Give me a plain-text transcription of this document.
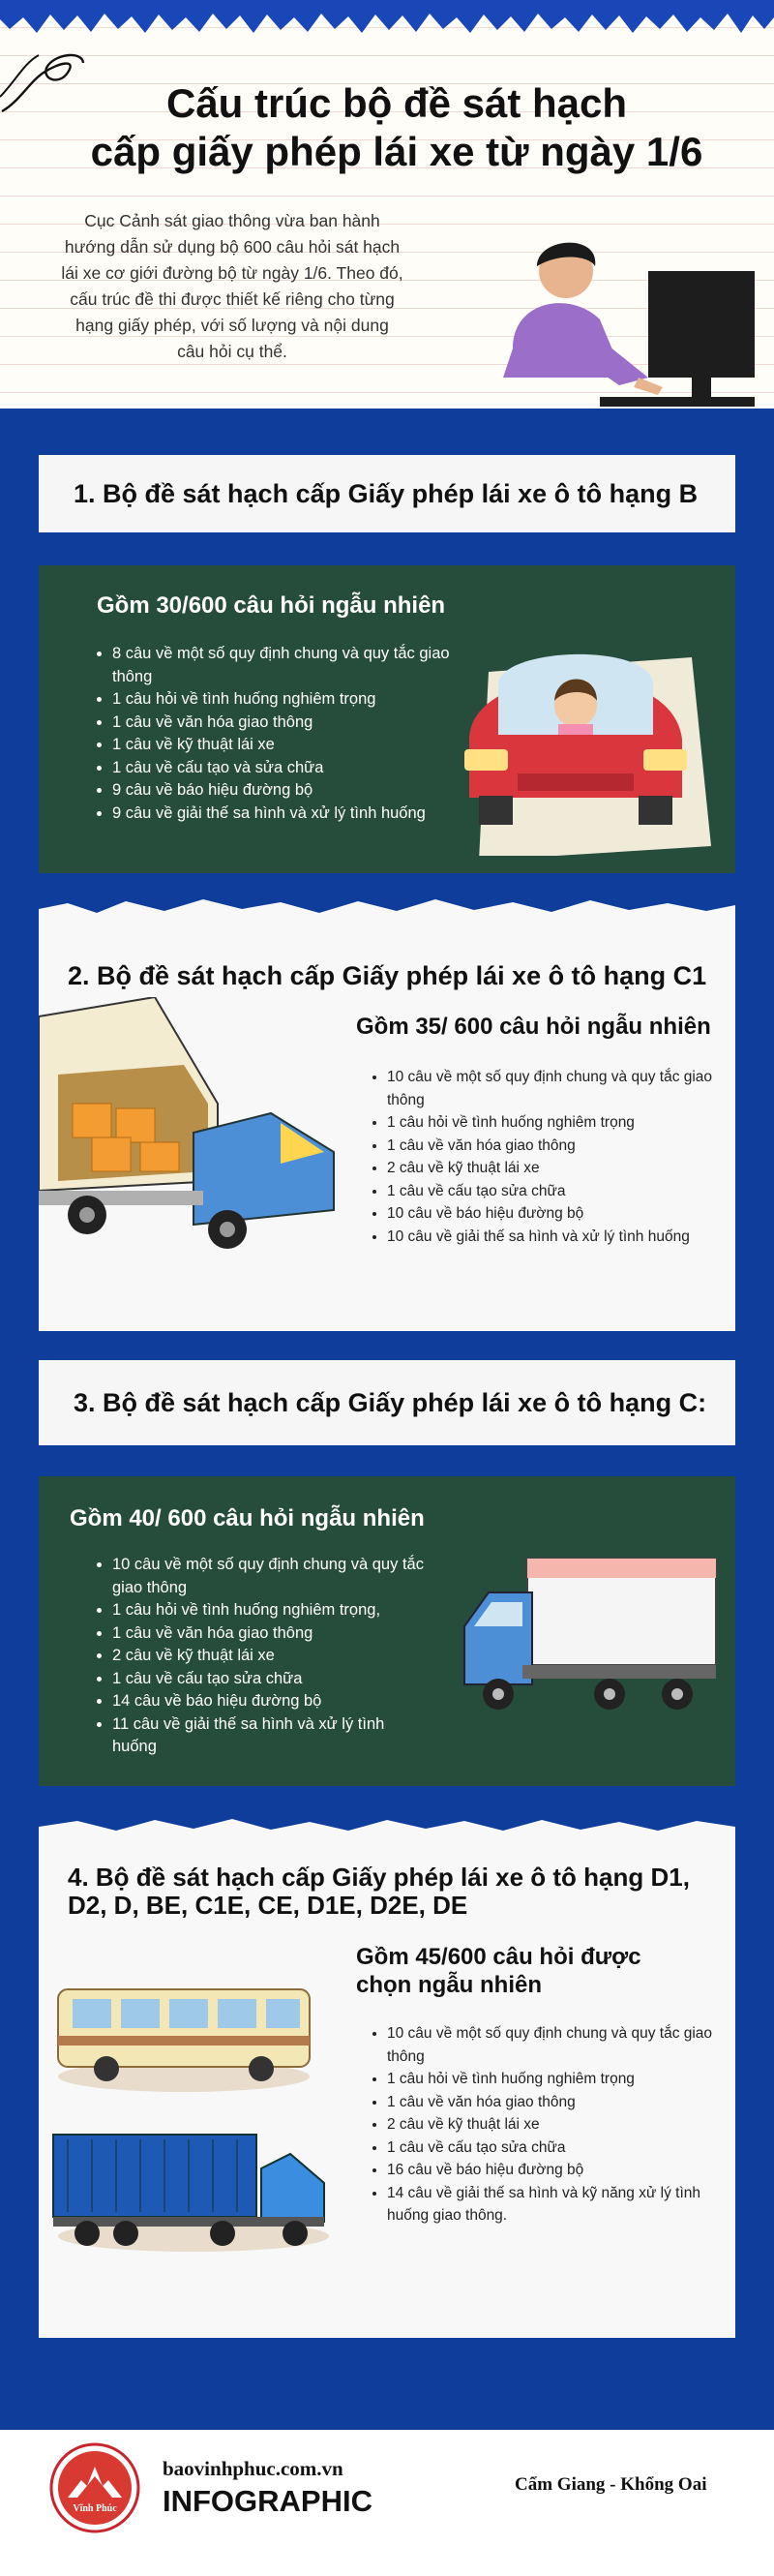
Cấu trúc bộ đề sát hạch
cấp giấy phép lái xe từ ngày 1/6

Cục Cảnh sát giao thông vừa ban hành
hướng dẫn sử dụng bộ 600 câu hỏi sát hạch
lái xe cơ giới đường bộ từ ngày 1/6. Theo đó,
cấu trúc đề thi được thiết kế riêng cho từng
hạng giấy phép, với số lượng và nội dung
câu hỏi cụ thể.

1. Bộ đề sát hạch cấp Giấy phép lái xe ô tô hạng B
Gồm 30/600 câu hỏi ngẫu nhiên
• 8 câu về một số quy định chung và quy tắc giao thông
• 1 câu hỏi về tình huống nghiêm trọng
• 1 câu về văn hóa giao thông
• 1 câu về kỹ thuật lái xe
• 1 câu về cấu tạo và sửa chữa
• 9 câu về báo hiệu đường bộ
• 9 câu về giải thế sa hình và xử lý tình huống
2. Bộ đề sát hạch cấp Giấy phép lái xe ô tô hạng C1
Gồm 35/ 600 câu hỏi ngẫu nhiên
• 10 câu về một số quy định chung và quy tắc giao thông
• 1 câu hỏi về tình huống nghiêm trọng
• 1 câu về văn hóa giao thông
• 2 câu về kỹ thuật lái xe
• 1 câu về cấu tạo sửa chữa
• 10 câu về báo hiệu đường bộ
• 10 câu về giải thế sa hình và xử lý tình huống
3. Bộ đề sát hạch cấp Giấy phép lái xe ô tô hạng C:
Gồm 40/ 600 câu hỏi ngẫu nhiên
• 10 câu về một số quy định chung và quy tắc giao thông
• 1 câu hỏi về tình huống nghiêm trọng,
• 1 câu về văn hóa giao thông
• 2 câu về kỹ thuật lái xe
• 1 câu về cấu tạo sửa chữa
• 14 câu về báo hiệu đường bộ
• 11 câu về giải thế sa hình và xử lý tình huống
4. Bộ đề sát hạch cấp Giấy phép lái xe ô tô hạng D1,
D2, D, BE, C1E, CE, D1E, D2E, DE
Gồm 45/600 câu hỏi được
chọn ngẫu nhiên
• 10 câu về một số quy định chung và quy tắc giao thông
• 1 câu hỏi về tình huống nghiêm trọng
• 1 câu về văn hóa giao thông
• 2 câu về kỹ thuật lái xe
• 1 câu về cấu tạo sửa chữa
• 16 câu về báo hiệu đường bộ
• 14 câu về giải thế sa hình và kỹ năng xử lý tình huống giao thông.
Vĩnh Phúc
baovinhphuc.com.vn
INFOGRAPHIC	Cẩm Giang - Khổng Oai
